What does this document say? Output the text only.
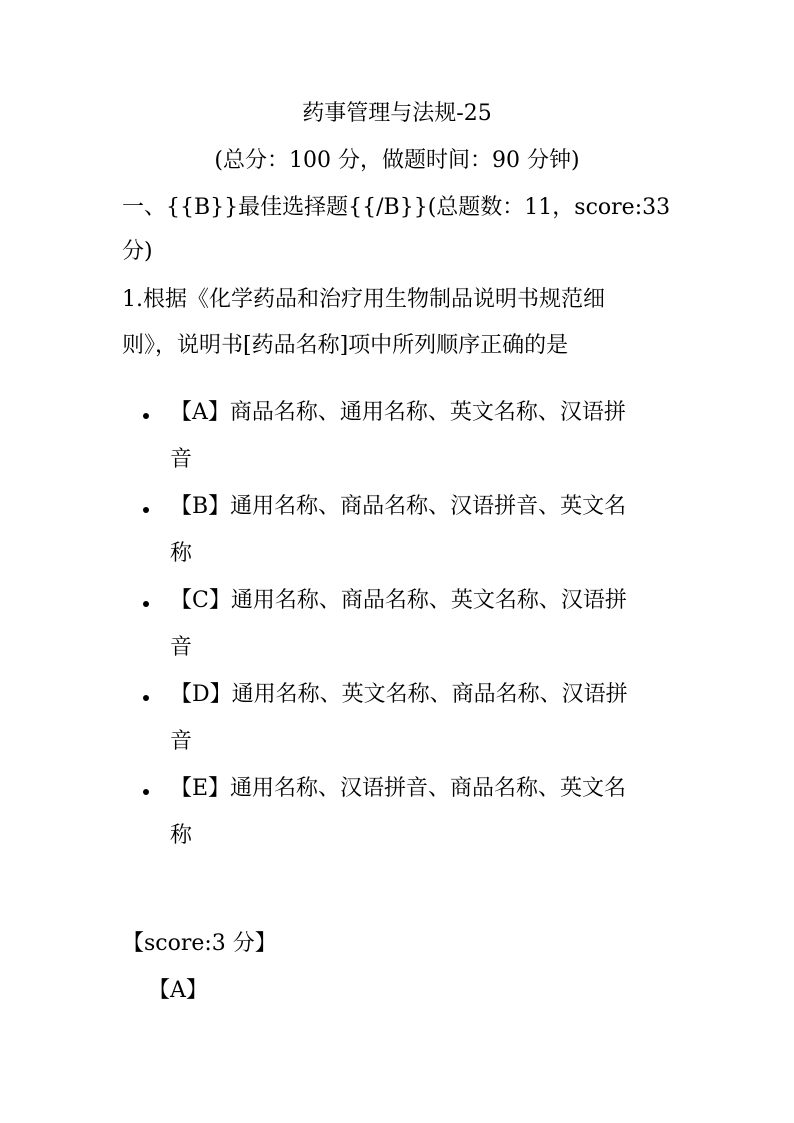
药事管理与法规-25
(总分：100 分，做题时间：90 分钟)
一、{{B}}最佳选择题{{/B}}(总题数：11，score:33
分)
1.根据《化学药品和治疗用生物制品说明书规范细
则》，说明书[药品名称]项中所列顺序正确的是
【A】商品名称、通用名称、英文名称、汉语拼
音
【B】通用名称、商品名称、汉语拼音、英文名
称
【C】通用名称、商品名称、英文名称、汉语拼
音
【D】通用名称、英文名称、商品名称、汉语拼
音
【E】通用名称、汉语拼音、商品名称、英文名
称
【score:3 分】
【A】
